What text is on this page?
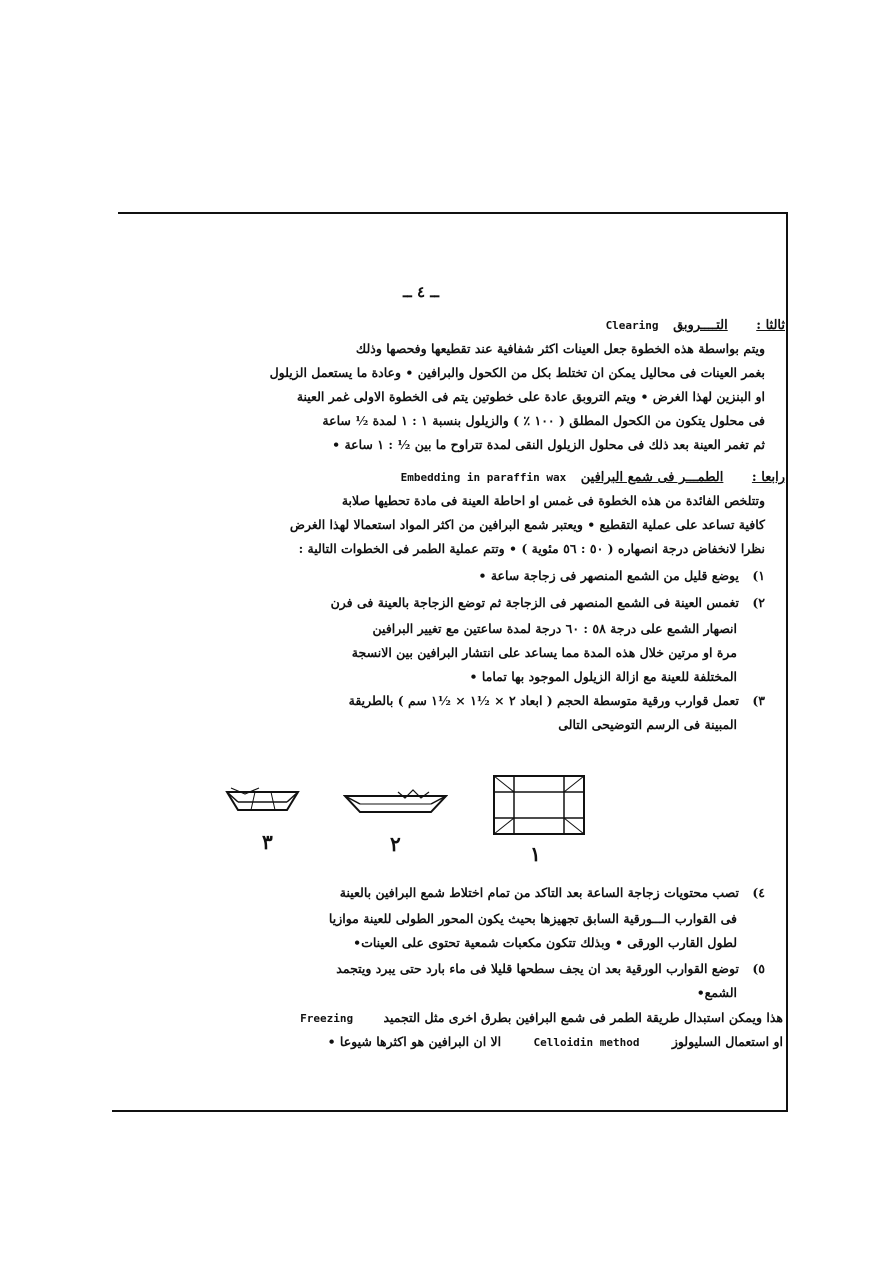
ــ ٤ ــ
ثالثا : التــــروبق Clearing
ويتم بواسطة هذه الخطوة جعل العينات اكثر شفافية عند تقطيعها وفحصها وذلك
بغمر العينات فى محاليل يمكن ان تختلط بكل من الكحول والبرافين • وعادة ما يستعمل الزيلول
او البنزين لهذا الغرض • ويتم التروبق عادة على خطوتين يتم فى الخطوة الاولى غمر العينة
فى محلول يتكون من الكحول المطلق ( ١٠٠ ٪ ) والزيلول بنسبة ١ : ١ لمدة ½ ساعة
ثم تغمر العينة بعد ذلك فى محلول الزيلول النقى لمدة تتراوح ما بين ½ : ١ ساعة •
رابعا : الطمـــر فى شمع البرافين Embedding in paraffin wax
وتتلخص الفائدة من هذه الخطوة فى غمس او احاطة العينة فى مادة تحطيها صلابة
كافية تساعد على عملية التقطيع • ويعتبر شمع البرافين من اكثر المواد استعمالا لهذا الغرض
نظرا لانخفاض درجة انصهاره ( ٥٠ : ٥٦ مئوية ) • وتتم عملية الطمر فى الخطوات التالية :
١)يوضع قليل من الشمع المنصهر فى زجاجة ساعة •
٢)تغمس العينة فى الشمع المنصهر فى الزجاجة ثم توضع الزجاجة بالعينة فى فرن
انصهار الشمع على درجة ٥٨ : ٦٠ درجة لمدة ساعتين مع تغيير البرافين
مرة او مرتين خلال هذه المدة مما يساعد على انتشار البرافين بين الانسجة
المختلفة للعينة مع ازالة الزيلول الموجود بها تماما •
٣)تعمل قوارب ورقية متوسطة الحجم ( ابعاد ٢ × ½١ × ½١ سم ) بالطريقة
المبينة فى الرسم التوضيحى التالى
١
٢
٣
٤)تصب محتويات زجاجة الساعة بعد التاكد من تمام اختلاط شمع البرافين بالعينة
فى القوارب الـــورقية السابق تجهيزها بحيث يكون المحور الطولى للعينة موازيا
لطول القارب الورقى • وبذلك تتكون مكعبات شمعية تحتوى على العينات•
٥)توضع القوارب الورقية بعد ان يجف سطحها قليلا فى ماء بارد حتى يبرد ويتجمد
الشمع•
هذا ويمكن استبدال طريقة الطمر فى شمع البرافين بطرق اخرى مثل التجميد Freezing
او استعمال السليولوز Celloidin method الا ان البرافين هو اكثرها شيوعا •
